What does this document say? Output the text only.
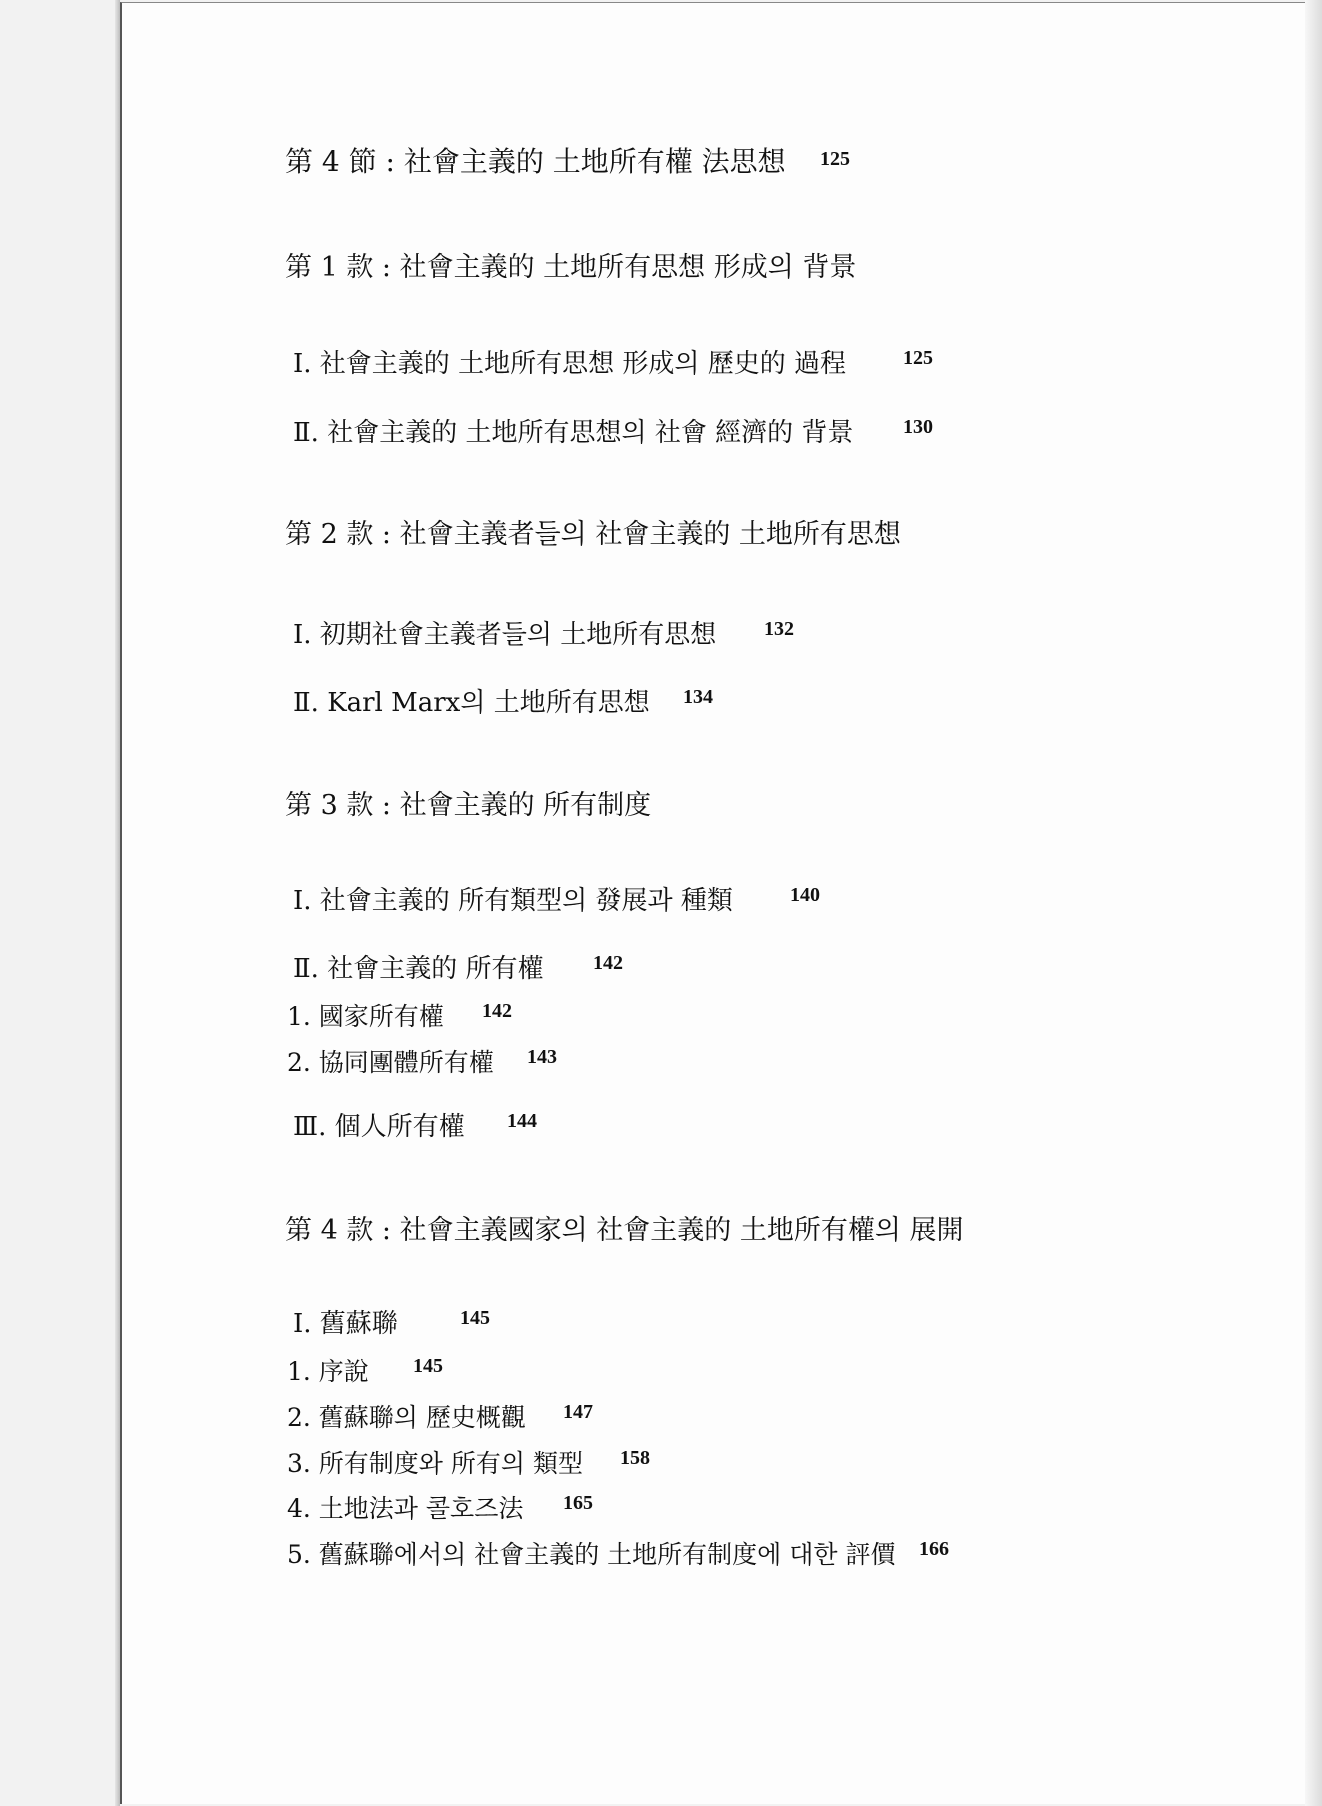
第 4 節 : 社會主義的 土地所有權 法思想 125
第 1 款 : 社會主義的 土地所有思想 形成의 背景
Ⅰ. 社會主義的 土地所有思想 形成의 歷史的 過程	125
Ⅱ. 社會主義的 土地所有思想의 社會 經濟的 背景 130
第 2 款 : 社會主義者들의 社會主義的 土地所有思想
Ⅰ. 初期社會主義者들의 土地所有思想 132
Ⅱ. Karl Marx의 土地所有思想 134
第 3 款 : 社會主義的 所有制度
Ⅰ. 社會主義的 所有類型의 發展과 種類	140
Ⅱ. 社會主義的 所有權 142
1. 國家所有權 142
2. 協同團體所有權 143
Ⅲ. 個人所有權 144
第 4 款 : 社會主義國家의 社會主義的 土地所有權의 展開
Ⅰ. 舊蘇聯	145
1. 序說 145
2. 舊蘇聯의 歷史概觀 147
3. 所有制度와 所有의 類型 158
4. 土地法과 콜호즈法 165
5. 舊蘇聯에서의 社會主義的 土地所有制度에 대한 評價 166
